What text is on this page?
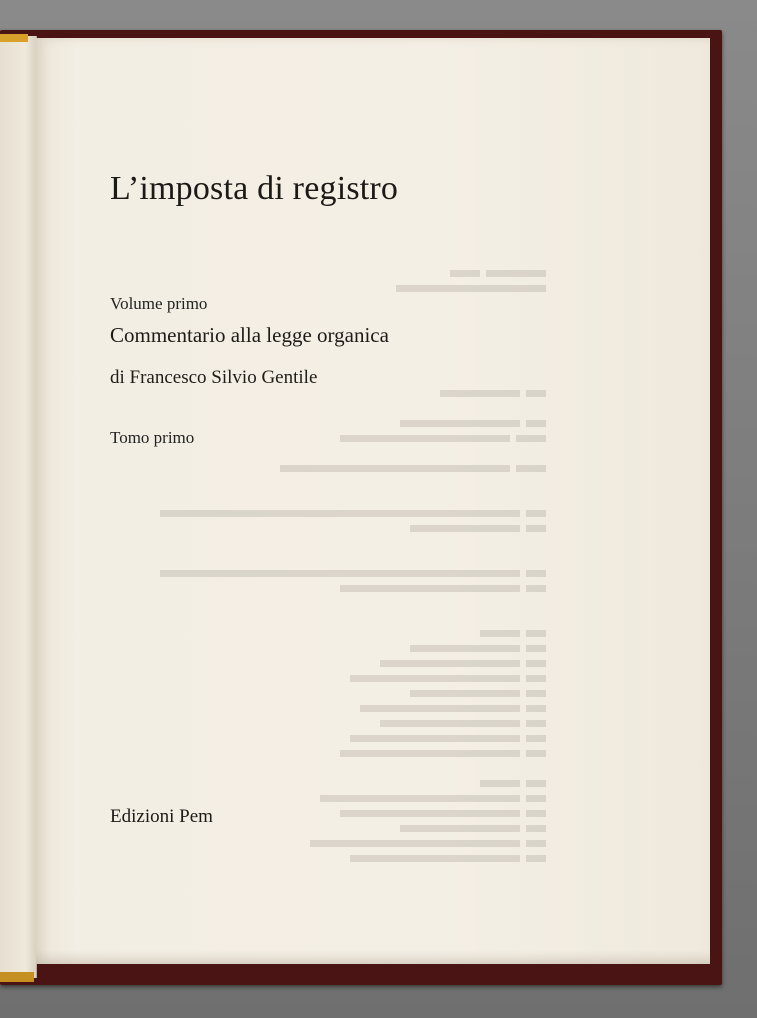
L’imposta di registro
Volume primo
Commentario alla legge organica
di Francesco Silvio Gentile
Tomo primo
Edizioni Pem
